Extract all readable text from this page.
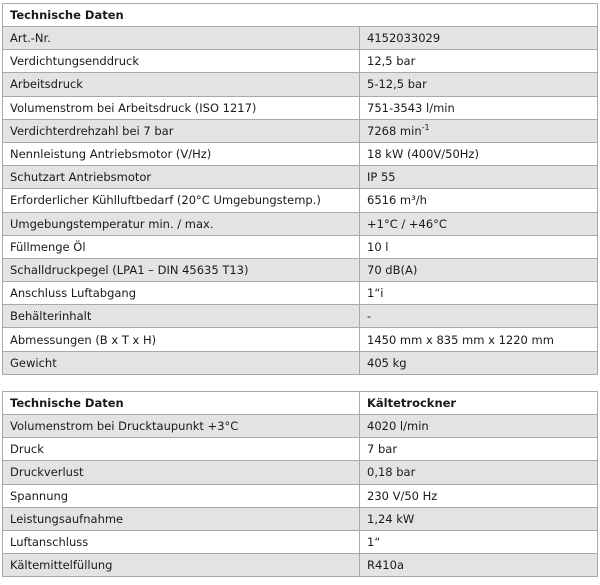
Technische Daten	
Art.-Nr.	4152033029
Verdichtungsenddruck	12,5 bar
Arbeitsdruck	5-12,5 bar
Volumenstrom bei Arbeitsdruck (ISO 1217)	751-3543 l/min
Verdichterdrehzahl bei 7 bar	7268 $\min^{-1}$
Nennleistung Antriebsmotor (V/Hz)	18 kW (400V/50Hz)
Schutzart Antriebsmotor	IP 55
Erforderlicher Kühlluftbedarf (20°C Umgebungstemp.)	6516 m³/h
Umgebungstemperatur min. / max.	+1°C / +46°C
Füllmenge Öl	10 l
Schalldruckpegel (LPA1 – DIN 45635 T13)	70 dB(A)
Anschluss Luftabgang	1“i
Behälterinhalt	-
Abmessungen (B x T x H)	1450 mm x 835 mm x 1220 mm
Gewicht	405 kg
Technische Daten	Kältetrockner
Volumenstrom bei Drucktaupunkt +3°C	4020 l/min
Druck	7 bar
Druckverlust	0,18 bar
Spannung	230 V/50 Hz
Leistungsaufnahme	1,24 kW
Luftanschluss	1“
Kältemittelfüllung	R410a
